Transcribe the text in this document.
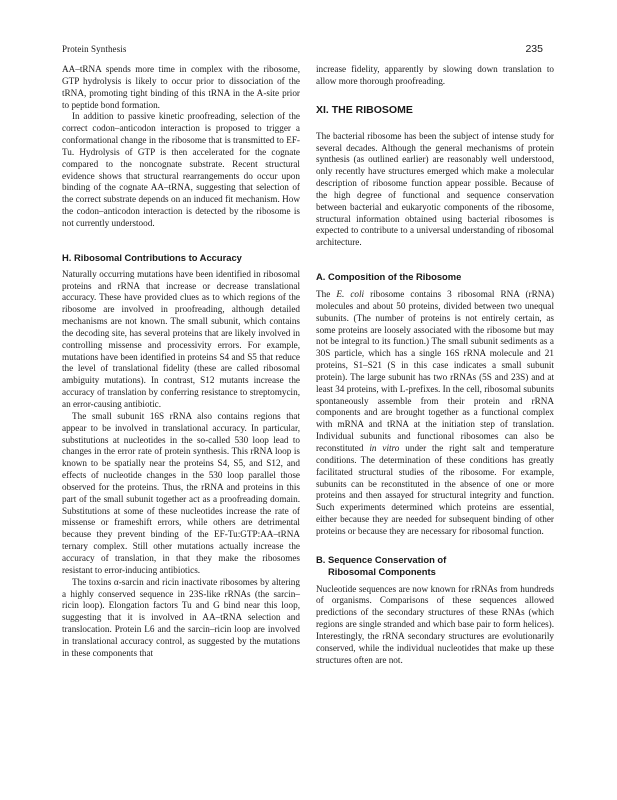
Protein Synthesis	235

AA–tRNA spends more time in complex with the ribosome, GTP hydrolysis is likely to occur prior to dissociation of the tRNA, promoting tight binding of this tRNA in the A-site prior to peptide bond formation.

In addition to passive kinetic proofreading, selection of the correct codon–anticodon interaction is proposed to trigger a conformational change in the ribosome that is transmitted to EF-Tu. Hydrolysis of GTP is then accelerated for the cognate compared to the noncognate substrate. Recent structural evidence shows that structural rearrangements do occur upon binding of the cognate AA–tRNA, suggesting that selection of the correct substrate depends on an induced fit mechanism. How the codon–anticodon interaction is detected by the ribosome is not currently understood.

H. Ribosomal Contributions to Accuracy

Naturally occurring mutations have been identified in ribosomal proteins and rRNA that increase or decrease translational accuracy. These have provided clues as to which regions of the ribosome are involved in proofreading, although detailed mechanisms are not known. The small subunit, which contains the decoding site, has several proteins that are likely involved in controlling missense and processivity errors. For example, mutations have been identified in proteins S4 and S5 that reduce the level of translational fidelity (these are called ribosomal ambiguity mutations). In contrast, S12 mutants increase the accuracy of translation by conferring resistance to streptomycin, an error-causing antibiotic.

The small subunit 16S rRNA also contains regions that appear to be involved in translational accuracy. In particular, substitutions at nucleotides in the so-called 530 loop lead to changes in the error rate of protein synthesis. This rRNA loop is known to be spatially near the proteins S4, S5, and S12, and effects of nucleotide changes in the 530 loop parallel those observed for the proteins. Thus, the rRNA and proteins in this part of the small subunit together act as a proofreading domain. Substitutions at some of these nucleotides increase the rate of missense or frameshift errors, while others are detrimental because they prevent binding of the EF-Tu:GTP:AA–tRNA ternary complex. Still other mutations actually increase the accuracy of translation, in that they make the ribosomes resistant to error-inducing antibiotics.

The toxins α-sarcin and ricin inactivate ribosomes by altering a highly conserved sequence in 23S-like rRNAs (the sarcin–ricin loop). Elongation factors Tu and G bind near this loop, suggesting that it is involved in AA–tRNA selection and translocation. Protein L6 and the sarcin–ricin loop are involved in translational accuracy control, as suggested by the mutations in these components that

increase fidelity, apparently by slowing down translation to allow more thorough proofreading.

XI. THE RIBOSOME

The bacterial ribosome has been the subject of intense study for several decades. Although the general mechanisms of protein synthesis (as outlined earlier) are reasonably well understood, only recently have structures emerged which make a molecular description of ribosome function appear possible. Because of the high degree of functional and sequence conservation between bacterial and eukaryotic components of the ribosome, structural information obtained using bacterial ribosomes is expected to contribute to a universal understanding of ribosomal architecture.

A. Composition of the Ribosome

The E. coli ribosome contains 3 ribosomal RNA (rRNA) molecules and about 50 proteins, divided between two unequal subunits. (The number of proteins is not entirely certain, as some proteins are loosely associated with the ribosome but may not be integral to its function.) The small subunit sediments as a 30S particle, which has a single 16S rRNA molecule and 21 proteins, S1–S21 (S in this case indicates a small subunit protein). The large subunit has two rRNAs (5S and 23S) and at least 34 proteins, with L-prefixes. In the cell, ribosomal subunits spontaneously assemble from their protein and rRNA components and are brought together as a functional complex with mRNA and tRNA at the initiation step of translation. Individual subunits and functional ribosomes can also be reconstituted in vitro under the right salt and temperature conditions. The determination of these conditions has greatly facilitated structural studies of the ribosome. For example, subunits can be reconstituted in the absence of one or more proteins and then assayed for structural integrity and function. Such experiments determined which proteins are essential, either because they are needed for subsequent binding of other proteins or because they are necessary for ribosomal function.

B. Sequence Conservation of
Ribosomal Components

Nucleotide sequences are now known for rRNAs from hundreds of organisms. Comparisons of these sequences allowed predictions of the secondary structures of these RNAs (which regions are single stranded and which base pair to form helices). Interestingly, the rRNA secondary structures are evolutionarily conserved, while the individual nucleotides that make up these structures often are not.
